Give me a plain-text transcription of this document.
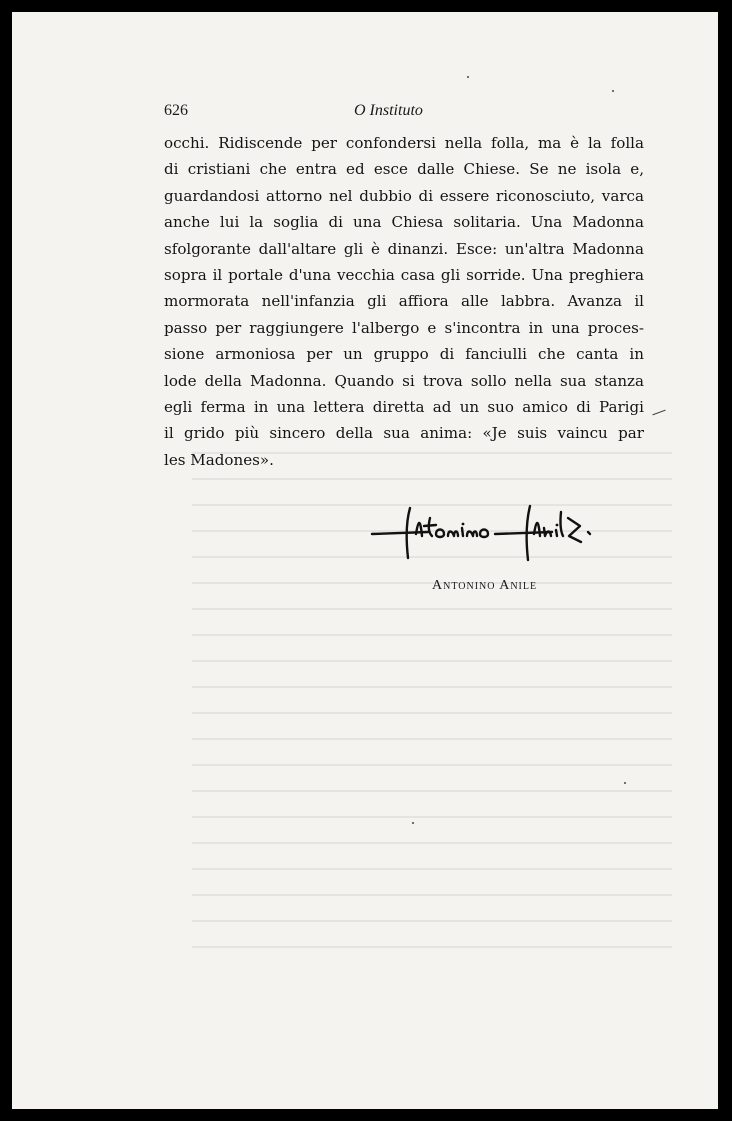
626	O Instituto
occhi. Ridiscende per confondersi nella folla, ma è la folla
di cristiani che entra ed esce dalle Chiese. Se ne isola e,
guardandosi attorno nel dubbio di essere riconosciuto, varca
anche lui la soglia di una Chiesa solitaria. Una Madonna
sfolgorante dall'altare gli è dinanzi. Esce: un'altra Madonna
sopra il portale d'una vecchia casa gli sorride. Una preghiera
mormorata nell'infanzia gli affiora alle labbra. Avanza il
passo per raggiungere l'albergo e s'incontra in una proces-
sione armoniosa per un gruppo di fanciulli che canta in
lode della Madonna. Quando si trova sollo nella sua stanza
egli ferma in una lettera diretta ad un suo amico di Parigi
il grido più sincero della sua anima: «Je suis vaincu par
les Madones».
Antonino Anile
